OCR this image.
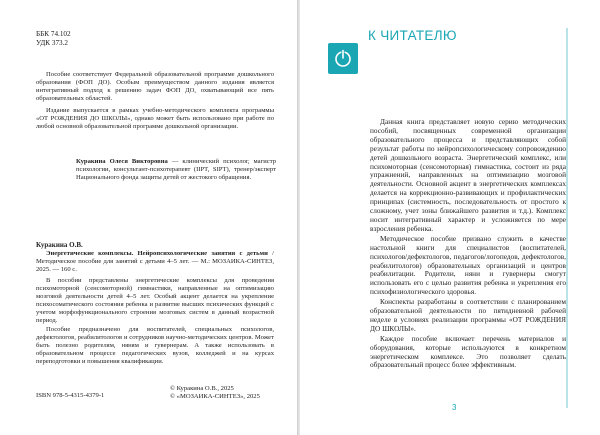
ББК 74.102
УДК 373.2

Пособие соответствует Федеральной образовательной программе дошкольного образования (ФОП ДО). Особым преимуществом данного издания является интегративный подход к решению задач ФОП ДО, охватывающий все пять образовательных областей.

Издание выпускается в рамках учебно-методического комплекта программы «ОТ РОЖДЕНИЯ ДО ШКОЛЫ», однако может быть использовано при работе по любой основной образовательной программе дошкольной организации.

Куракина Олеся Викторовна — клинический психолог, магистр психологии, консультант-психотерапевт (IIPT, SIPT), тренер/эксперт Национального фонда защиты детей от жестокого обращения.
Куракина О.В.

Энергетические комплексы. Нейропсихологические занятия с детьми / Методическое пособие для занятий с детьми 4–5 лет. — М.: МОЗАИКА-СИНТЕЗ, 2025. — 160 с.

В пособии представлены энергетические комплексы для проведения психомоторной (сенсомоторной) гимнастики, направленные на оптимизацию мозговой деятельности детей 4–5 лет. Особый акцент делается на укрепление психосоматического состояния ребенка и развитие высших психических функций с учетом морфофункционального строения мозговых систем в данный возрастной период.

Пособие предназначено для воспитателей, специальных психологов, дефектологов, реабилитологов и сотрудников научно-методических центров. Может быть полезно родителям, няням и гувернерам. А также использовать в образовательном процессе педагогических вузов, колледжей и на курсах переподготовки и повышения квалификации.

ISBN 978-5-4315-4379-1
© Куракина О.В., 2025
© «МОЗАИКА-СИНТЕЗ», 2025
К ЧИТАТЕЛЮ

Данная книга представляет новую серию методических пособий, посвященных современной организации образовательного процесса и представляющих собой результат работы по нейропсихологическому сопровождению детей дошкольного возраста. Энергетический комплекс, или психомоторная (сенсомоторная) гимнастика, состоит из ряда упражнений, направленных на оптимизацию мозговой деятельности. Основной акцент в энергетических комплексах делается на коррекционно-развивающих и профилактических принципах (системность, последовательность от простого к сложному, учет зоны ближайшего развития и т.д.). Комплекс носит интегративный характер и усложняется по мере взросления ребенка.

Методическое пособие призвано служить в качестве настольной книги для специалистов (воспитателей, психологов/дефектологов, педагогов/логопедов, дефектологов, реабилитологов) образовательных организаций и центров реабилитации. Родители, няни и гувернеры смогут использовать его с целью развития ребенка и укрепления его психофизиологического здоровья.

Конспекты разработаны в соответствии с планированием образовательной деятельности по пятидневной рабочей неделе в условиях реализации программы «ОТ РОЖДЕНИЯ ДО ШКОЛЫ».

Каждое пособие включает перечень материалов и оборудования, которые используются в конкретном энергетическом комплексе. Это позволяет сделать образовательный процесс более эффективным.

3
